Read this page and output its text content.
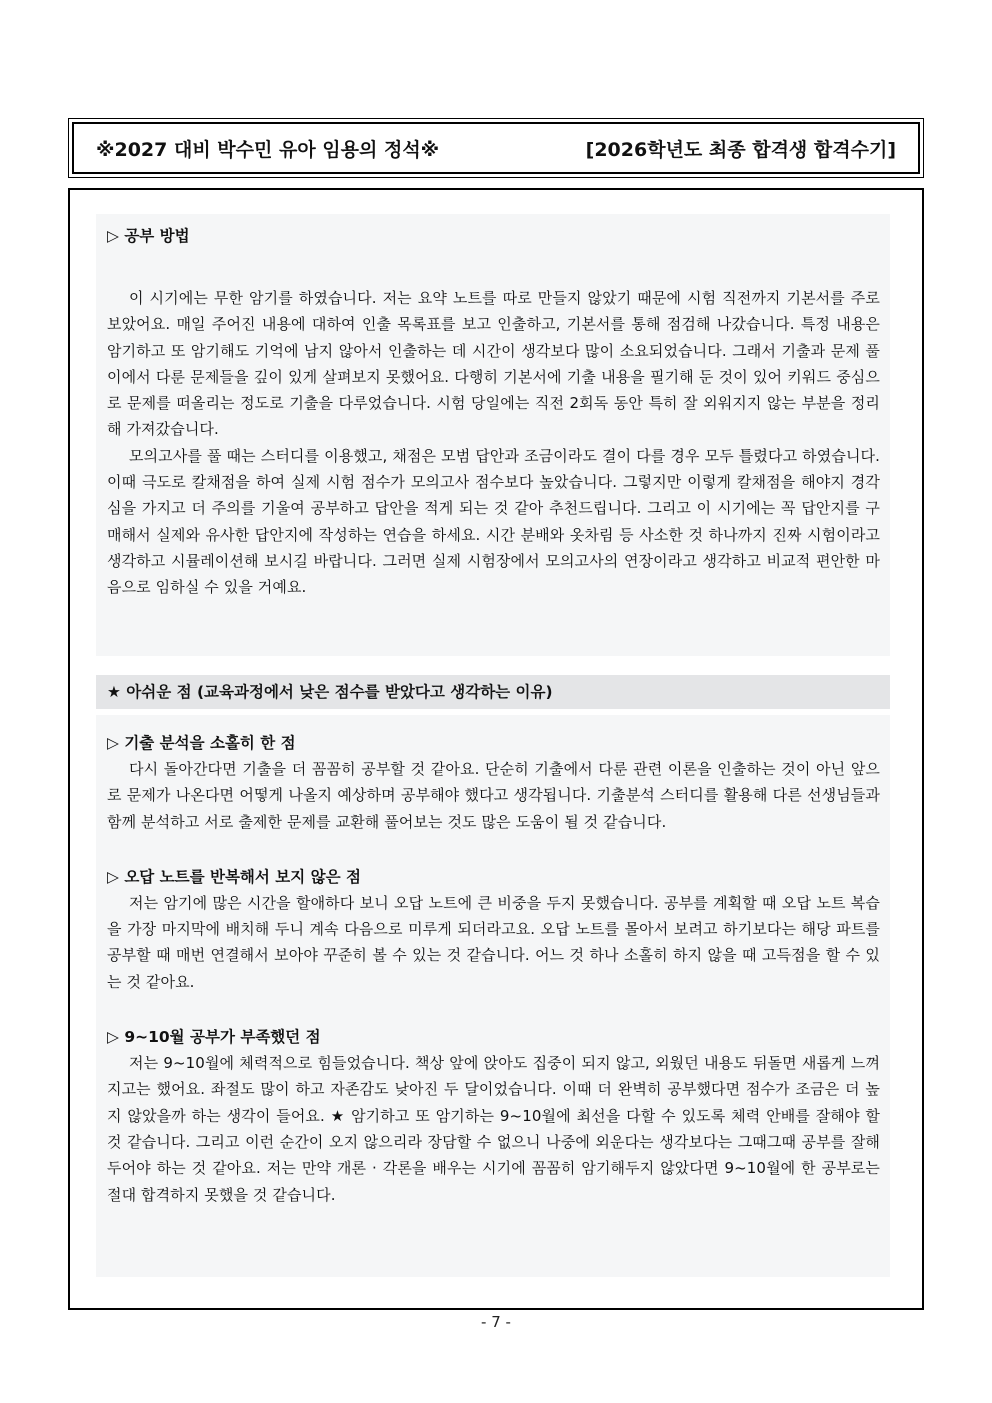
※2027 대비 박수민 유아 임용의 정석※	[2026학년도 최종 합격생 합격수기]
▷ 공부 방법

이 시기에는 무한 암기를 하였습니다. 저는 요약 노트를 따로 만들지 않았기 때문에 시험 직전까지 기본서를 주로 보았어요. 매일 주어진 내용에 대하여 인출 목록표를 보고 인출하고, 기본서를 통해 점검해 나갔습니다. 특정 내용은 암기하고 또 암기해도 기억에 남지 않아서 인출하는 데 시간이 생각보다 많이 소요되었습니다. 그래서 기출과 문제 풀이에서 다룬 문제들을 깊이 있게 살펴보지 못했어요. 다행히 기본서에 기출 내용을 필기해 둔 것이 있어 키워드 중심으로 문제를 떠올리는 정도로 기출을 다루었습니다. 시험 당일에는 직전 2회독 동안 특히 잘 외워지지 않는 부분을 정리해 가져갔습니다.

모의고사를 풀 때는 스터디를 이용했고, 채점은 모범 답안과 조금이라도 결이 다를 경우 모두 틀렸다고 하였습니다. 이때 극도로 칼채점을 하여 실제 시험 점수가 모의고사 점수보다 높았습니다. 그렇지만 이렇게 칼채점을 해야지 경각심을 가지고 더 주의를 기울여 공부하고 답안을 적게 되는 것 같아 추천드립니다. 그리고 이 시기에는 꼭 답안지를 구매해서 실제와 유사한 답안지에 작성하는 연습을 하세요. 시간 분배와 옷차림 등 사소한 것 하나까지 진짜 시험이라고 생각하고 시뮬레이션해 보시길 바랍니다. 그러면 실제 시험장에서 모의고사의 연장이라고 생각하고 비교적 편안한 마음으로 임하실 수 있을 거예요.

★ 아쉬운 점 (교육과정에서 낮은 점수를 받았다고 생각하는 이유)
▷ 기출 분석을 소홀히 한 점

다시 돌아간다면 기출을 더 꼼꼼히 공부할 것 같아요. 단순히 기출에서 다룬 관련 이론을 인출하는 것이 아닌 앞으로 문제가 나온다면 어떻게 나올지 예상하며 공부해야 했다고 생각됩니다. 기출분석 스터디를 활용해 다른 선생님들과 함께 분석하고 서로 출제한 문제를 교환해 풀어보는 것도 많은 도움이 될 것 같습니다.

▷ 오답 노트를 반복해서 보지 않은 점

저는 암기에 많은 시간을 할애하다 보니 오답 노트에 큰 비중을 두지 못했습니다. 공부를 계획할 때 오답 노트 복습을 가장 마지막에 배치해 두니 계속 다음으로 미루게 되더라고요. 오답 노트를 몰아서 보려고 하기보다는 해당 파트를 공부할 때 매번 연결해서 보아야 꾸준히 볼 수 있는 것 같습니다. 어느 것 하나 소홀히 하지 않을 때 고득점을 할 수 있는 것 같아요.

▷ 9~10월 공부가 부족했던 점

저는 9~10월에 체력적으로 힘들었습니다. 책상 앞에 앉아도 집중이 되지 않고, 외웠던 내용도 뒤돌면 새롭게 느껴지고는 했어요. 좌절도 많이 하고 자존감도 낮아진 두 달이었습니다. 이때 더 완벽히 공부했다면 점수가 조금은 더 높지 않았을까 하는 생각이 들어요. ★ 암기하고 또 암기하는 9~10월에 최선을 다할 수 있도록 체력 안배를 잘해야 할 것 같습니다. 그리고 이런 순간이 오지 않으리라 장담할 수 없으니 나중에 외운다는 생각보다는 그때그때 공부를 잘해두어야 하는 것 같아요. 저는 만약 개론 · 각론을 배우는 시기에 꼼꼼히 암기해두지 않았다면 9~10월에 한 공부로는 절대 합격하지 못했을 것 같습니다.

- 7 -
